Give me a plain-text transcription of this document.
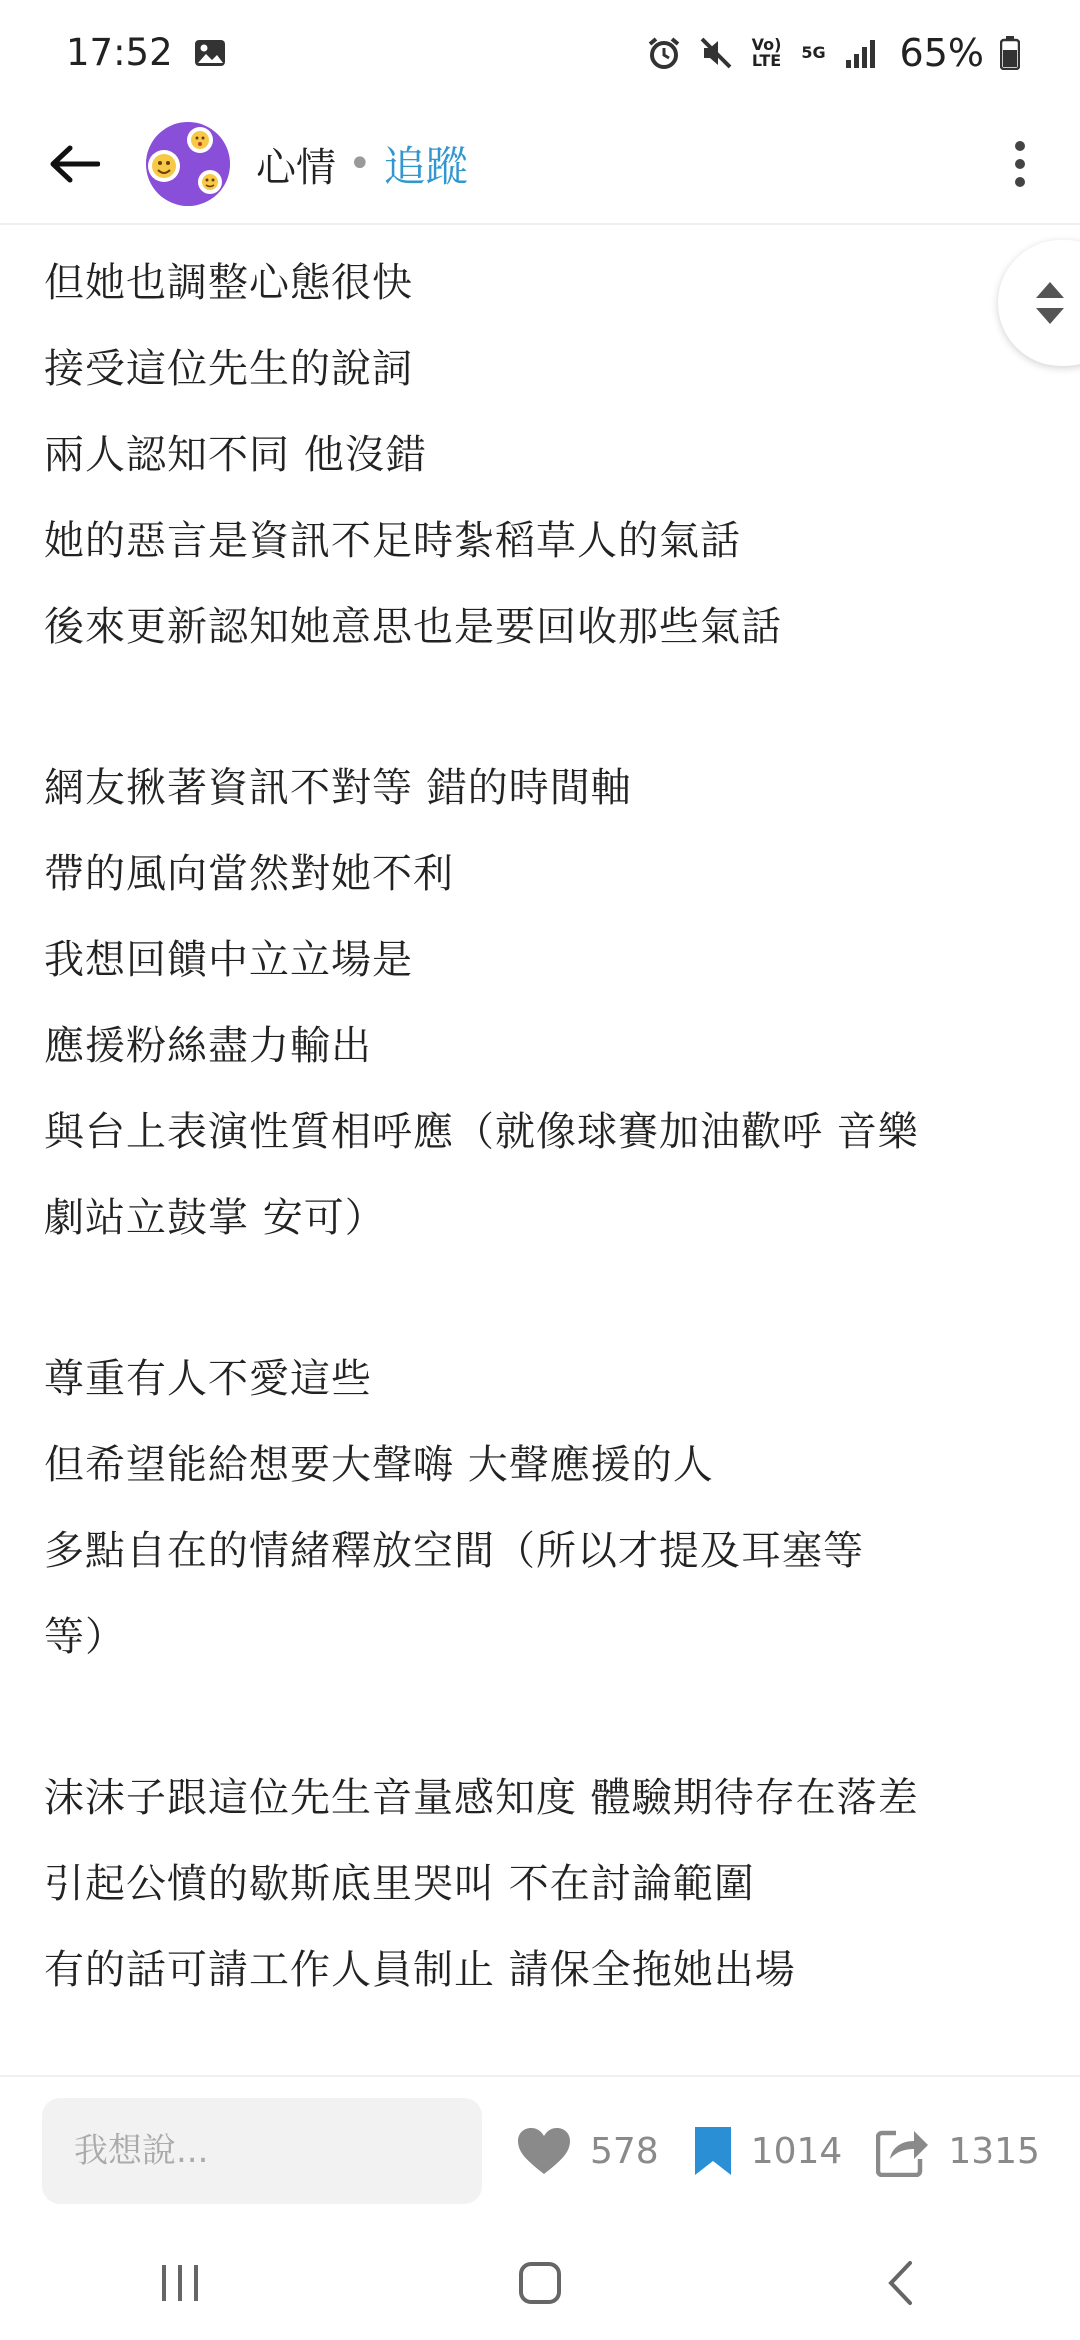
17:52	Vo) LTE 5G 65%
心情 • 追蹤
但她也調整心態很快
接受這位先生的說詞
兩人認知不同 他沒錯
她的惡言是資訊不足時紮稻草人的氣話
後來更新認知她意思也是要回收那些氣話
網友揪著資訊不對等 錯的時間軸
帶的風向當然對她不利
我想回饋中立立場是
應援粉絲盡力輸出
與台上表演性質相呼應（就像球賽加油歡呼 音樂
劇站立鼓掌 安可）
尊重有人不愛這些
但希望能給想要大聲嗨 大聲應援的人
多點自在的情緒釋放空間（所以才提及耳塞等
等）
沫沫子跟這位先生音量感知度 體驗期待存在落差
引起公憤的歇斯底里哭叫 不在討論範圍
有的話可請工作人員制止 請保全拖她出場
我想說...
578	1014	1315
